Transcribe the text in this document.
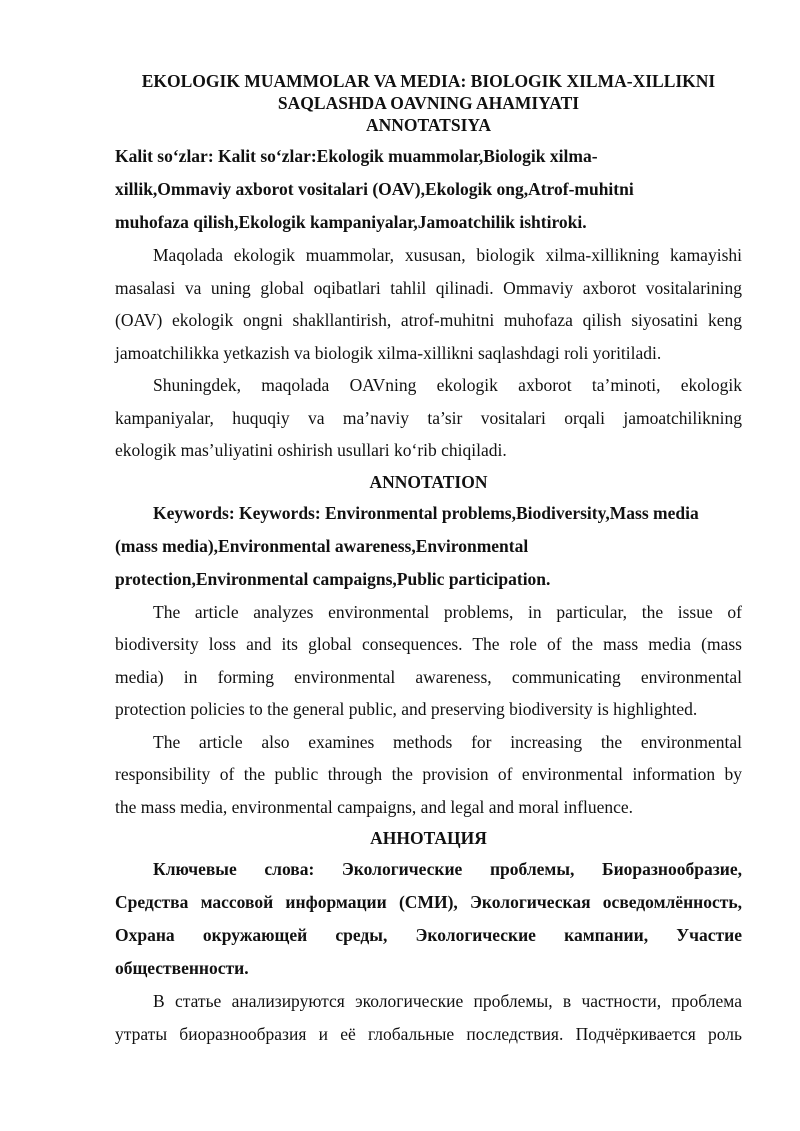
EKOLOGIK MUAMMOLAR VA MEDIA: BIOLOGIK XILMA-XILLIKNI
SAQLASHDA OAVNING AHAMIYATI
ANNOTATSIYA
Kalit so‘zlar: Kalit so‘zlar:Ekologik muammolar,Biologik xilma-
xillik,Ommaviy axborot vositalari (OAV),Ekologik ong,Atrof-muhitni
muhofaza qilish,Ekologik kampaniyalar,Jamoatchilik ishtiroki.
Maqolada ekologik muammolar, xususan, biologik xilma-xillikning kamayishi
masalasi va uning global oqibatlari tahlil qilinadi. Ommaviy axborot vositalarining
(OAV) ekologik ongni shakllantirish, atrof-muhitni muhofaza qilish siyosatini keng
jamoatchilikka yetkazish va biologik xilma-xillikni saqlashdagi roli yoritiladi.
Shuningdek, maqolada OAVning ekologik axborot ta’minoti, ekologik
kampaniyalar, huquqiy va ma’naviy ta’sir vositalari orqali jamoatchilikning
ekologik mas’uliyatini oshirish usullari ko‘rib chiqiladi.
ANNOTATION
Keywords: Keywords: Environmental problems,Biodiversity,Mass media
(mass media),Environmental awareness,Environmental
protection,Environmental campaigns,Public participation.
The article analyzes environmental problems, in particular, the issue of
biodiversity loss and its global consequences. The role of the mass media (mass
media) in forming environmental awareness, communicating environmental
protection policies to the general public, and preserving biodiversity is highlighted.
The article also examines methods for increasing the environmental
responsibility of the public through the provision of environmental information by
the mass media, environmental campaigns, and legal and moral influence.
АННОТАЦИЯ
Ключевые слова: Экологические проблемы, Биоразнообразие,
Средства массовой информации (СМИ), Экологическая осведомлённость,
Охрана окружающей среды, Экологические кампании, Участие
общественности.
В статье анализируются экологические проблемы, в частности, проблема
утраты биоразнообразия и её глобальные последствия. Подчёркивается роль
